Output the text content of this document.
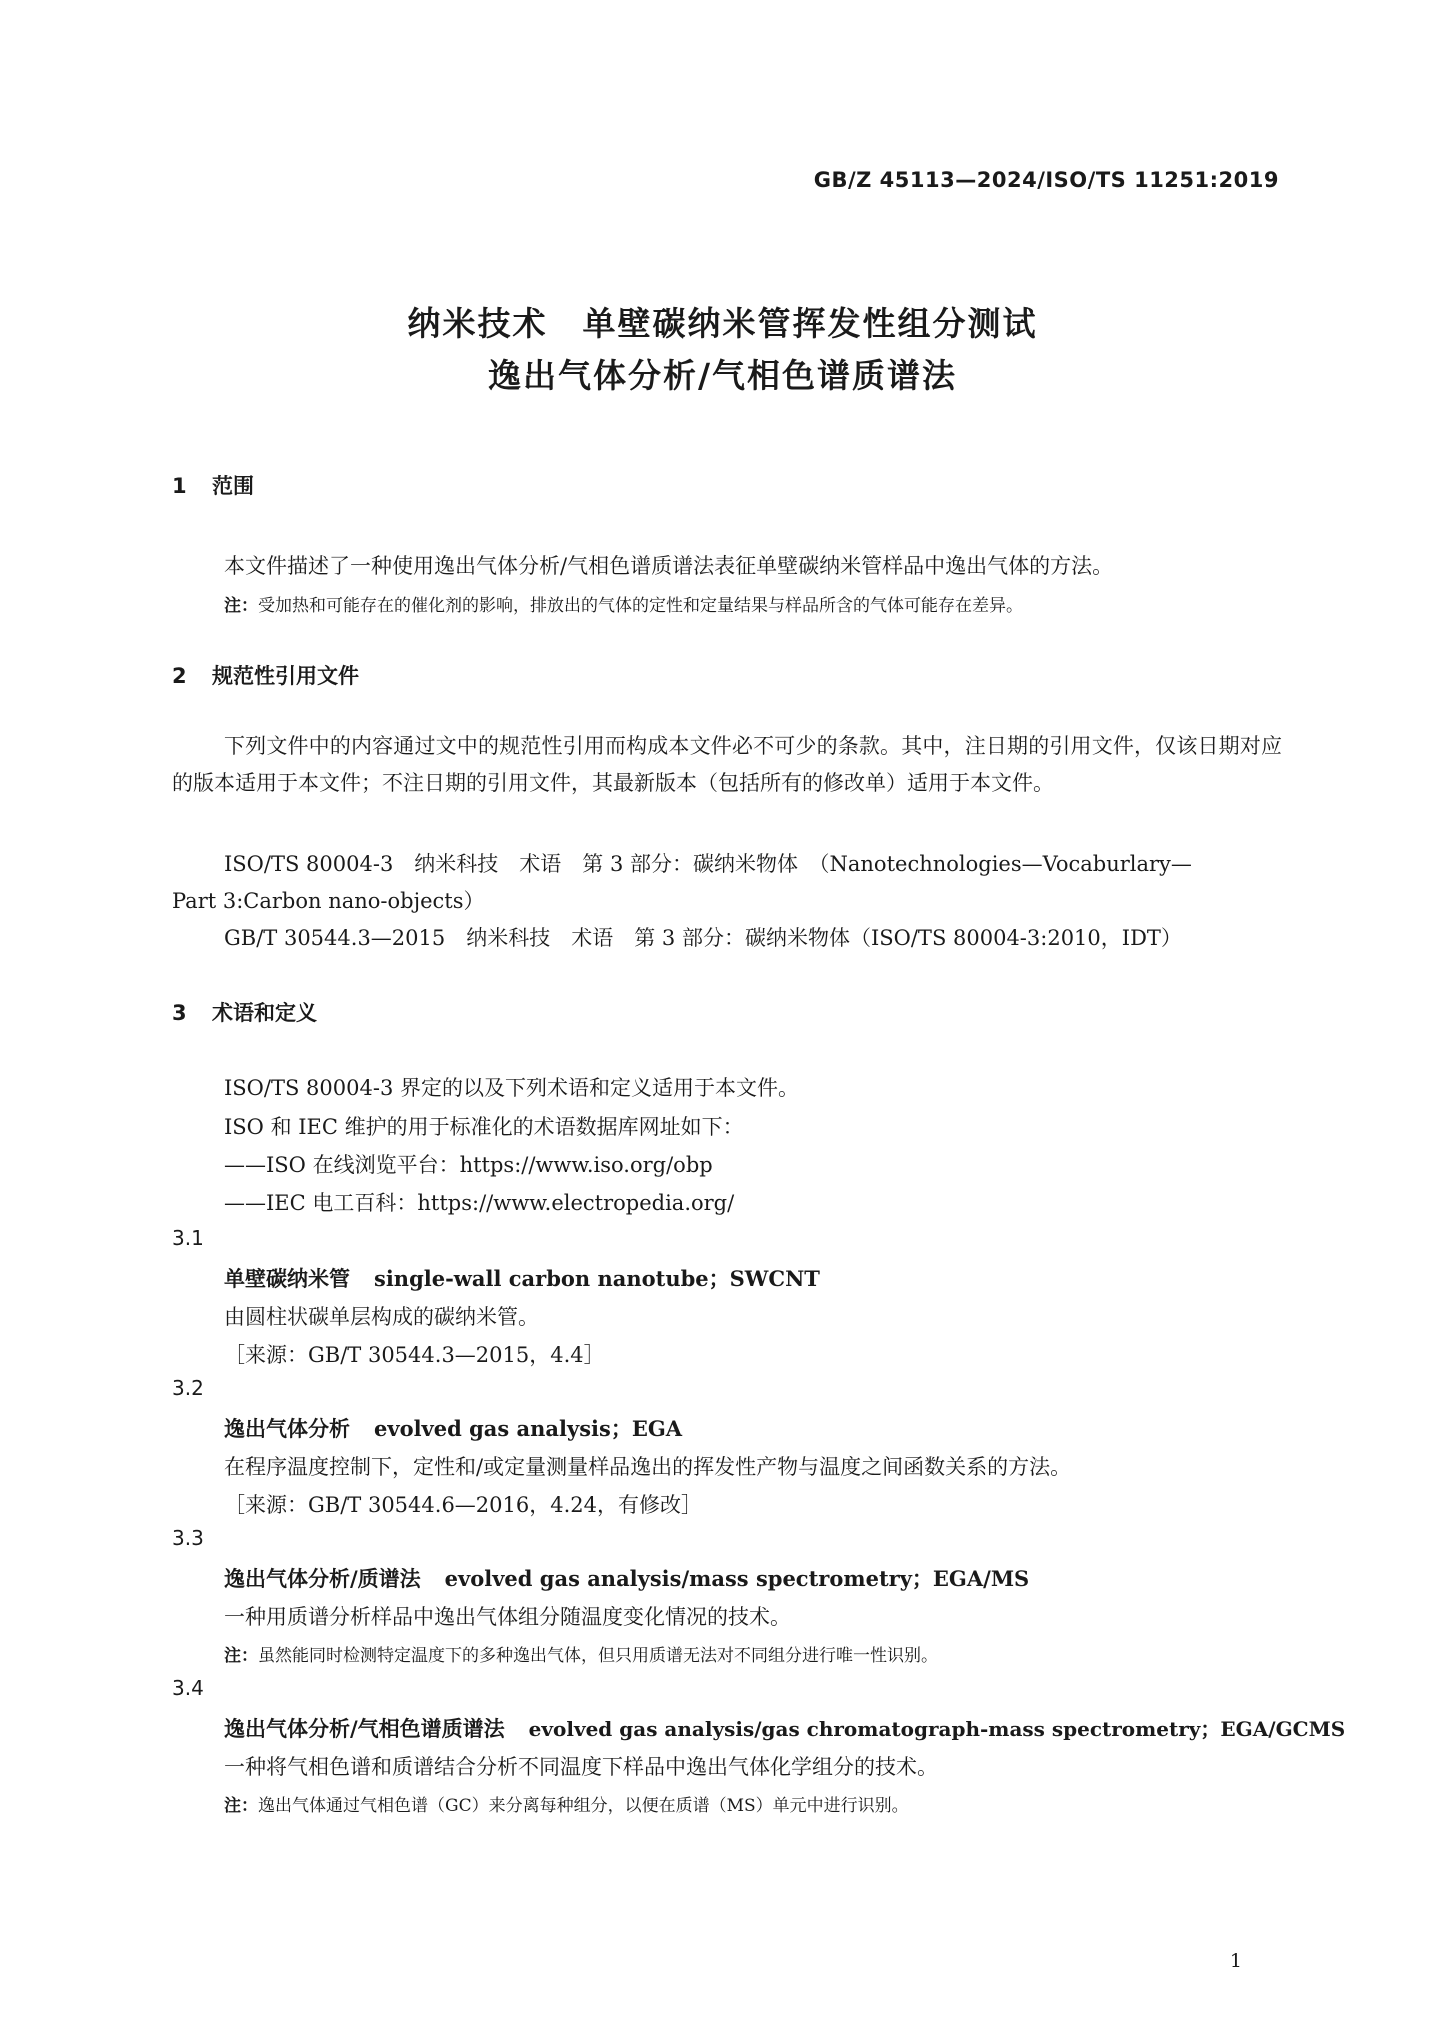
GB/Z 45113—2024/ISO/TS 11251:2019
纳米技术　单壁碳纳米管挥发性组分测试
逸出气体分析/气相色谱质谱法
1 范围
本文件描述了一种使用逸出气体分析/气相色谱质谱法表征单壁碳纳米管样品中逸出气体的方法。
注：受加热和可能存在的催化剂的影响，排放出的气体的定性和定量结果与样品所含的气体可能存在差异。
2 规范性引用文件
下列文件中的内容通过文中的规范性引用而构成本文件必不可少的条款。其中，注日期的引用文件，仅该日期对应的版本适用于本文件；不注日期的引用文件，其最新版本（包括所有的修改单）适用于本文件。
ISO/TS 80004-3　纳米科技　术语　第 3 部分：碳纳米物体　（Nanotechnologies—Vocaburlary—
Part 3:Carbon nano-objects）
GB/T 30544.3—2015　纳米科技　术语　第 3 部分：碳纳米物体（ISO/TS 80004-3:2010，IDT）
3 术语和定义
ISO/TS 80004-3 界定的以及下列术语和定义适用于本文件。
ISO 和 IEC 维护的用于标准化的术语数据库网址如下：
——ISO 在线浏览平台：https://www.iso.org/obp
——IEC 电工百科：https://www.electropedia.org/
3.1
单壁碳纳米管 single-wall carbon nanotube；SWCNT
由圆柱状碳单层构成的碳纳米管。
［来源：GB/T 30544.3—2015，4.4］
3.2
逸出气体分析 evolved gas analysis；EGA
在程序温度控制下，定性和/或定量测量样品逸出的挥发性产物与温度之间函数关系的方法。
［来源：GB/T 30544.6—2016，4.24，有修改］
3.3
逸出气体分析/质谱法 evolved gas analysis/mass spectrometry；EGA/MS
一种用质谱分析样品中逸出气体组分随温度变化情况的技术。
注：虽然能同时检测特定温度下的多种逸出气体，但只用质谱无法对不同组分进行唯一性识别。
3.4
逸出气体分析/气相色谱质谱法 evolved gas analysis/gas chromatograph-mass spectrometry；EGA/GCMS
一种将气相色谱和质谱结合分析不同温度下样品中逸出气体化学组分的技术。
注：逸出气体通过气相色谱（GC）来分离每种组分，以便在质谱（MS）单元中进行识别。
1
